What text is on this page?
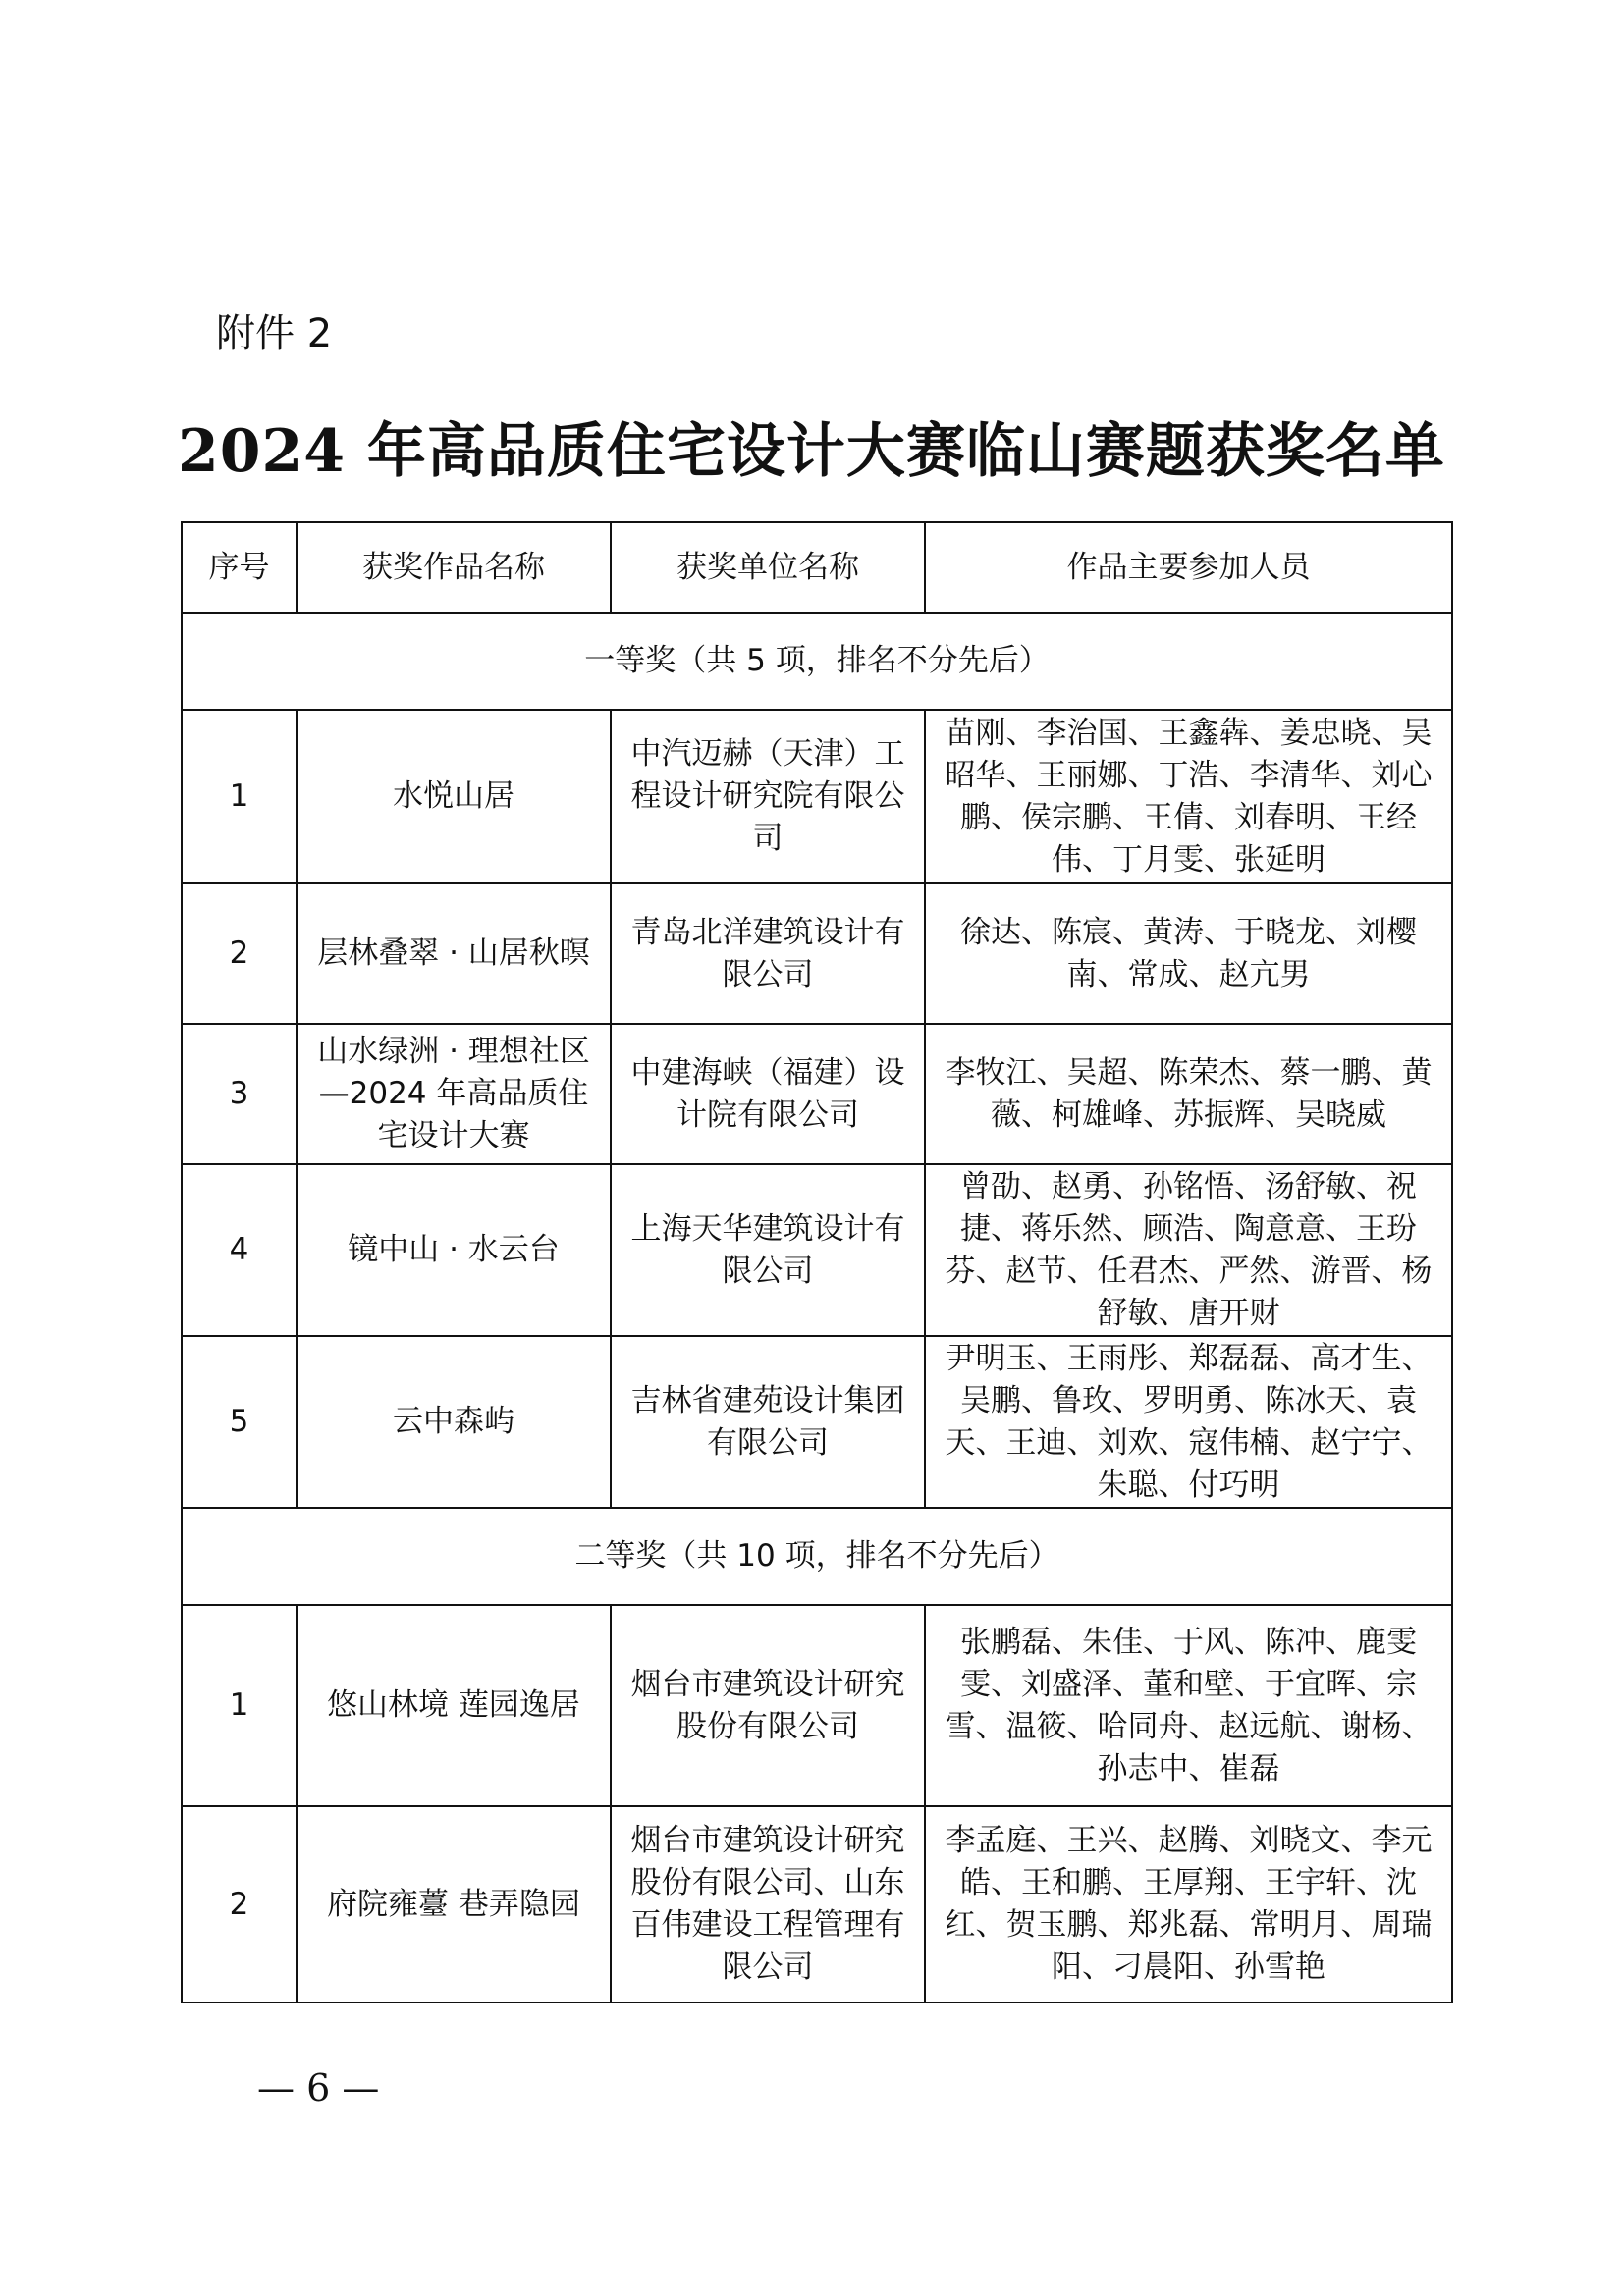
附件 2
2024 年高品质住宅设计大赛临山赛题获奖名单
序号	获奖作品名称	获奖单位名称	作品主要参加人员
一等奖（共 5 项，排名不分先后）			
1	水悦山居	中汽迈赫（天津）工程设计研究院有限公司	苗刚、李治国、王鑫犇、姜忠晓、吴昭华、王丽娜、丁浩、李清华、刘心鹏、侯宗鹏、王倩、刘春明、王经伟、丁月雯、张延明
2	层林叠翠 · 山居秋暝	青岛北洋建筑设计有限公司	徐达、陈宸、黄涛、于晓龙、刘樱南、常成、赵亢男
3	山水绿洲 · 理想社区—2024 年高品质住宅设计大赛	中建海峡（福建）设计院有限公司	李牧江、吴超、陈荣杰、蔡一鹏、黄薇、柯雄峰、苏振辉、吴晓威
4	镜中山 · 水云台	上海天华建筑设计有限公司	曾劭、赵勇、孙铭悟、汤舒敏、祝捷、蒋乐然、顾浩、陶意意、王玢芬、赵节、任君杰、严然、游晋、杨舒敏、唐开财
5	云中森屿	吉林省建苑设计集团有限公司	尹明玉、王雨彤、郑磊磊、高才生、吴鹏、鲁玫、罗明勇、陈冰天、袁天、王迪、刘欢、寇伟楠、赵宁宁、朱聪、付巧明
二等奖（共 10 项，排名不分先后）			
1	悠山林境 莲园逸居	烟台市建筑设计研究股份有限公司	张鹏磊、朱佳、于风、陈冲、鹿雯雯、刘盛泽、董和壁、于宜晖、宗雪、温筱、哈同舟、赵远航、谢杨、孙志中、崔磊
2	府院雍薹 巷弄隐园	烟台市建筑设计研究股份有限公司、山东百伟建设工程管理有限公司	李孟庭、王兴、赵腾、刘晓文、李元皓、王和鹏、王厚翔、王宇轩、沈红、贺玉鹏、郑兆磊、常明月、周瑞阳、刁晨阳、孙雪艳
— 6 —
